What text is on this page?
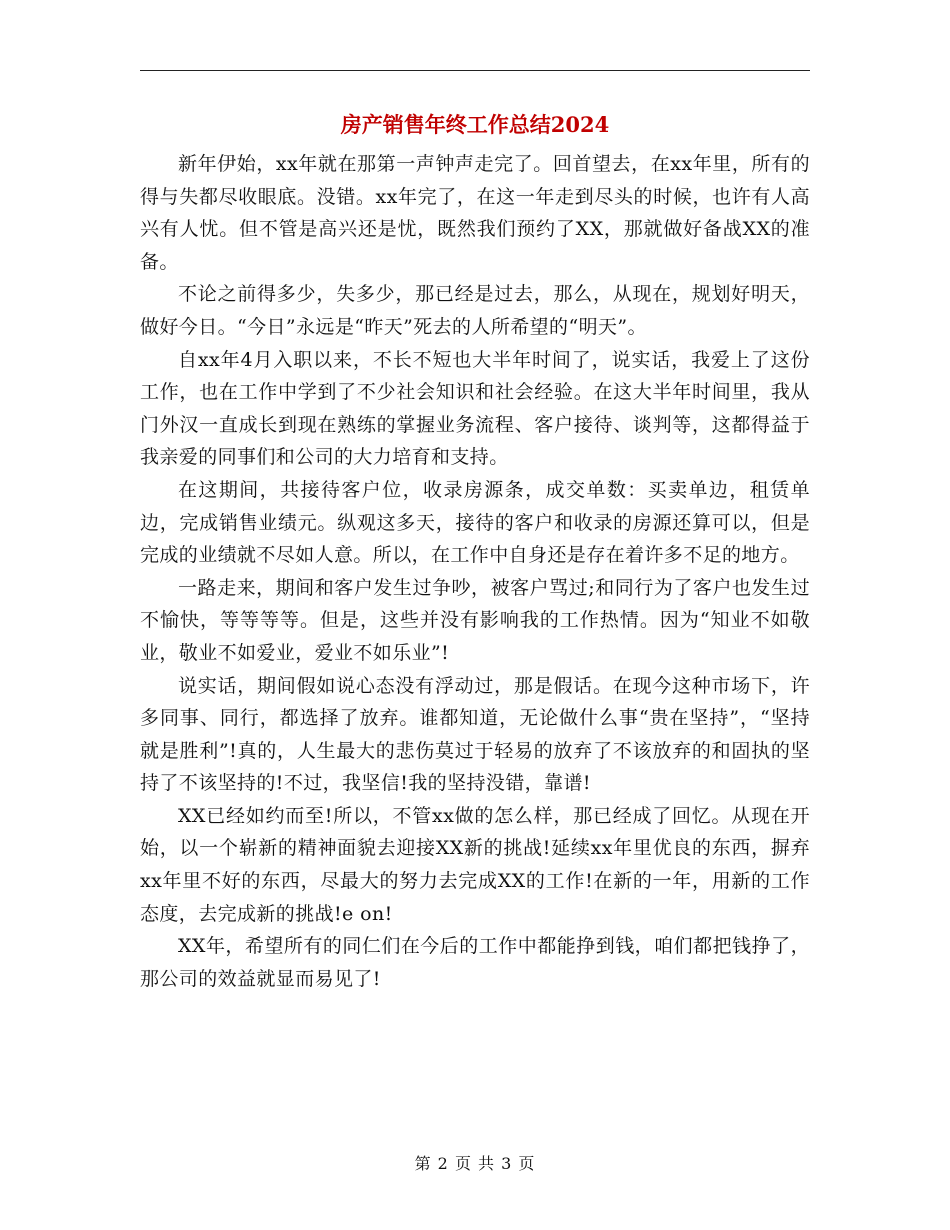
房产销售年终工作总结2024

新年伊始，xx年就在那第一声钟声走完了。回首望去，在xx年里，所有的得与失都尽收眼底。没错。xx年完了，在这一年走到尽头的时候，也许有人高兴有人忧。但不管是高兴还是忧，既然我们预约了XX，那就做好备战XX的准备。

不论之前得多少，失多少，那已经是过去，那么，从现在，规划好明天，做好今日。“今日”永远是“昨天”死去的人所希望的“明天”。

自xx年4月入职以来，不长不短也大半年时间了，说实话，我爱上了这份工作，也在工作中学到了不少社会知识和社会经验。在这大半年时间里，我从门外汉一直成长到现在熟练的掌握业务流程、客户接待、谈判等，这都得益于我亲爱的同事们和公司的大力培育和支持。

在这期间，共接待客户位，收录房源条，成交单数：买卖单边，租赁单边，完成销售业绩元。纵观这多天，接待的客户和收录的房源还算可以，但是完成的业绩就不尽如人意。所以，在工作中自身还是存在着许多不足的地方。

一路走来，期间和客户发生过争吵，被客户骂过;和同行为了客户也发生过不愉快，等等等等。但是，这些并没有影响我的工作热情。因为“知业不如敬业，敬业不如爱业，爱业不如乐业”!

说实话，期间假如说心态没有浮动过，那是假话。在现今这种市场下，许多同事、同行，都选择了放弃。谁都知道，无论做什么事“贵在坚持”，“坚持就是胜利”!真的，人生最大的悲伤莫过于轻易的放弃了不该放弃的和固执的坚持了不该坚持的!不过，我坚信!我的坚持没错，靠谱!

XX已经如约而至!所以，不管xx做的怎么样，那已经成了回忆。从现在开始，以一个崭新的精神面貌去迎接XX新的挑战!延续xx年里优良的东西，摒弃xx年里不好的东西，尽最大的努力去完成XX的工作!在新的一年，用新的工作态度，去完成新的挑战!e on!

XX年，希望所有的同仁们在今后的工作中都能挣到钱，咱们都把钱挣了，那公司的效益就显而易见了!

第 2 页 共 3 页
